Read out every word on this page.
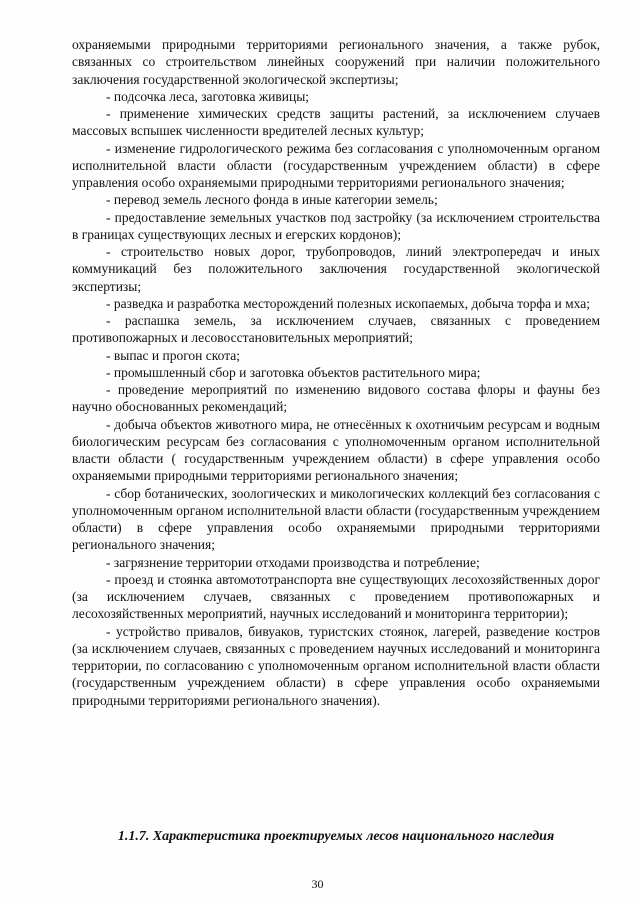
охраняемыми природными территориями регионального значения, а также рубок, связанных со строительством линейных сооружений при наличии положительного заключения государственной экологической экспертизы;

- подсочка леса, заготовка живицы;

- применение химических средств защиты растений, за исключением случаев массовых вспышек численности вредителей лесных культур;

- изменение гидрологического режима без согласования с уполномоченным органом исполнительной власти области (государственным учреждением области) в сфере управления особо охраняемыми природными территориями регионального значения;

- перевод земель лесного фонда в иные категории земель;

- предоставление земельных участков под застройку (за исключением строительства в границах существующих лесных и егерских кордонов);

- строительство новых дорог, трубопроводов, линий электропередач и иных коммуникаций без положительного заключения государственной экологической экспертизы;

- разведка и разработка месторождений полезных ископаемых, добыча торфа и мха;

- распашка земель, за исключением случаев, связанных с проведением противопожарных и лесовосстановительных мероприятий;

- выпас и прогон скота;

- промышленный сбор и заготовка объектов растительного мира;

- проведение мероприятий по изменению видового состава флоры и фауны без научно обоснованных рекомендаций;

- добыча объектов животного мира, не отнесённых к охотничьим ресурсам и водным биологическим ресурсам без согласования с уполномоченным органом исполнительной власти области ( государственным учреждением области) в сфере управления особо охраняемыми природными территориями регионального значения;

- сбор ботанических, зоологических и микологических коллекций без согласования с уполномоченным органом исполнительной власти области (государственным учреждением области) в сфере управления особо охраняемыми природными территориями регионального значения;

- загрязнение территории отходами производства и потребление;

- проезд и стоянка автомототранспорта вне существующих лесохозяйственных дорог (за исключением случаев, связанных с проведением противопожарных и лесохозяйственных мероприятий, научных исследований и мониторинга территории);

- устройство привалов, бивуаков, туристских стоянок, лагерей, разведение костров (за исключением случаев, связанных с проведением научных исследований и мониторинга территории, по согласованию с уполномоченным органом исполнительной власти области (государственным учреждением области) в сфере управления особо охраняемыми природными территориями регионального значения).

1.1.7. Характеристика проектируемых лесов национального наследия
30
